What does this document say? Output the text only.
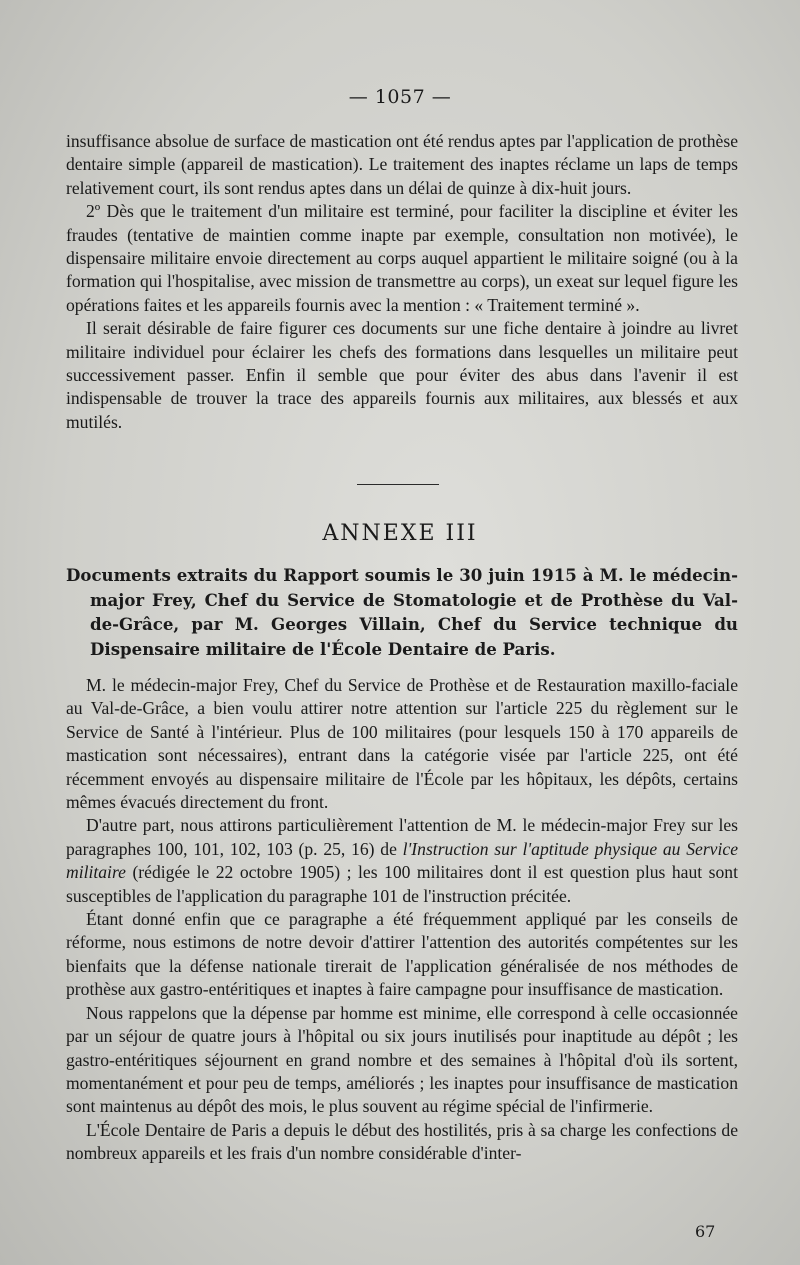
— 1057 —

insuffisance absolue de surface de mastication ont été rendus aptes par l'application de prothèse dentaire simple (appareil de mastication). Le traitement des inaptes réclame un laps de temps relativement court, ils sont rendus aptes dans un délai de quinze à dix-huit jours.

2º Dès que le traitement d'un militaire est terminé, pour faciliter la discipline et éviter les fraudes (tentative de maintien comme inapte par exemple, consultation non motivée), le dispensaire militaire envoie directement au corps auquel appartient le militaire soigné (ou à la formation qui l'hospitalise, avec mission de transmettre au corps), un exeat sur lequel figure les opérations faites et les appareils fournis avec la mention : « Traitement terminé ».

Il serait désirable de faire figurer ces documents sur une fiche dentaire à joindre au livret militaire individuel pour éclairer les chefs des formations dans lesquelles un militaire peut successivement passer. Enfin il semble que pour éviter des abus dans l'avenir il est indispensable de trouver la trace des appareils fournis aux militaires, aux blessés et aux mutilés.

ANNEXE III
Documents extraits du Rapport soumis le 30 juin 1915 à M. le médecin-major Frey, Chef du Service de Stomatologie et de Prothèse du Val-de-Grâce, par M. Georges Villain, Chef du Service technique du Dispensaire militaire de l'École Dentaire de Paris.

M. le médecin-major Frey, Chef du Service de Prothèse et de Restauration maxillo-faciale au Val-de-Grâce, a bien voulu attirer notre attention sur l'article 225 du règlement sur le Service de Santé à l'intérieur. Plus de 100 militaires (pour lesquels 150 à 170 appareils de mastication sont nécessaires), entrant dans la catégorie visée par l'article 225, ont été récemment envoyés au dispensaire militaire de l'École par les hôpitaux, les dépôts, certains mêmes évacués directement du front.

D'autre part, nous attirons particulièrement l'attention de M. le médecin-major Frey sur les paragraphes 100, 101, 102, 103 (p. 25, 16) de l'Instruction sur l'aptitude physique au Service militaire (rédigée le 22 octobre 1905) ; les 100 militaires dont il est question plus haut sont susceptibles de l'application du paragraphe 101 de l'instruction précitée.

Étant donné enfin que ce paragraphe a été fréquemment appliqué par les conseils de réforme, nous estimons de notre devoir d'attirer l'attention des autorités compétentes sur les bienfaits que la défense nationale tirerait de l'application généralisée de nos méthodes de prothèse aux gastro-entéritiques et inaptes à faire campagne pour insuffisance de mastication.

Nous rappelons que la dépense par homme est minime, elle correspond à celle occasionnée par un séjour de quatre jours à l'hôpital ou six jours inutilisés pour inaptitude au dépôt ; les gastro-entéritiques séjournent en grand nombre et des semaines à l'hôpital d'où ils sortent, momentanément et pour peu de temps, améliorés ; les inaptes pour insuffisance de mastication sont maintenus au dépôt des mois, le plus souvent au régime spécial de l'infirmerie.

L'École Dentaire de Paris a depuis le début des hostilités, pris à sa charge les confections de nombreux appareils et les frais d'un nombre considérable d'inter-

67
